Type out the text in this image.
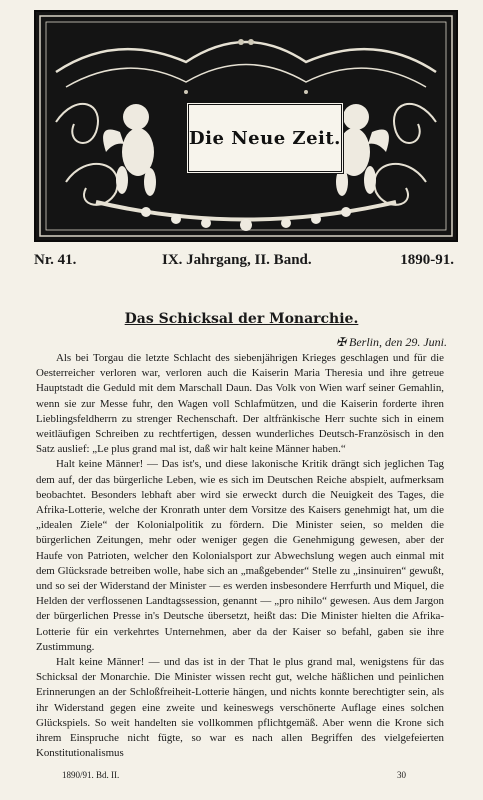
Die Neue Zeit.
Nr. 41.	IX. Jahrgang, II. Band.	1890-91.
Das Schicksal der Monarchie.
✠ Berlin, den 29. Juni.

Als bei Torgau die letzte Schlacht des siebenjährigen Krieges geschlagen und für die Oesterreicher verloren war, verloren auch die Kaiserin Maria Theresia und ihre getreue Hauptstadt die Geduld mit dem Marschall Daun. Das Volk von Wien warf seiner Gemahlin, wenn sie zur Messe fuhr, den Wagen voll Schlafmützen, und die Kaiserin forderte ihren Lieblingsfeldherrn zu strenger Rechenschaft. Der altfränkische Herr suchte sich in einem weitläufigen Schreiben zu rechtfertigen, dessen wunderliches Deutsch-Französisch in den Satz auslief: „Le plus grand mal ist, daß wir halt keine Männer haben.“

Halt keine Männer! — Das ist's, und diese lakonische Kritik drängt sich jeglichen Tag dem auf, der das bürgerliche Leben, wie es sich im Deutschen Reiche abspielt, aufmerksam beobachtet. Besonders lebhaft aber wird sie erweckt durch die Neuigkeit des Tages, die Afrika-Lotterie, welche der Kronrath unter dem Vorsitze des Kaisers genehmigt hat, um die „idealen Ziele“ der Kolonialpolitik zu fördern. Die Minister seien, so melden die bürgerlichen Zeitungen, mehr oder weniger gegen die Genehmigung gewesen, aber der Haufe von Patrioten, welcher den Kolonialsport zur Abwechslung wegen auch einmal mit dem Glücksrade betreiben wolle, habe sich an „maßgebender“ Stelle zu „insinuiren“ gewußt, und so sei der Widerstand der Minister — es werden insbesondere Herrfurth und Miquel, die Helden der verflossenen Landtagssession, genannt — „pro nihilo“ gewesen. Aus dem Jargon der bürgerlichen Presse in's Deutsche übersetzt, heißt das: Die Minister hielten die Afrika-Lotterie für ein verkehrtes Unternehmen, aber da der Kaiser so befahl, gaben sie ihre Zustimmung.

Halt keine Männer! — und das ist in der That le plus grand mal, wenigstens für das Schicksal der Monarchie. Die Minister wissen recht gut, welche häßlichen und peinlichen Erinnerungen an der Schloßfreiheit-Lotterie hängen, und nichts konnte berechtigter sein, als ihr Widerstand gegen eine zweite und keineswegs verschönerte Auflage eines solchen Glückspiels. So weit handelten sie vollkommen pflichtgemäß. Aber wenn die Krone sich ihrem Einspruche nicht fügte, so war es nach allen Begriffen des vielgefeierten Konstitutionalismus

1890/91. Bd. II.	30
